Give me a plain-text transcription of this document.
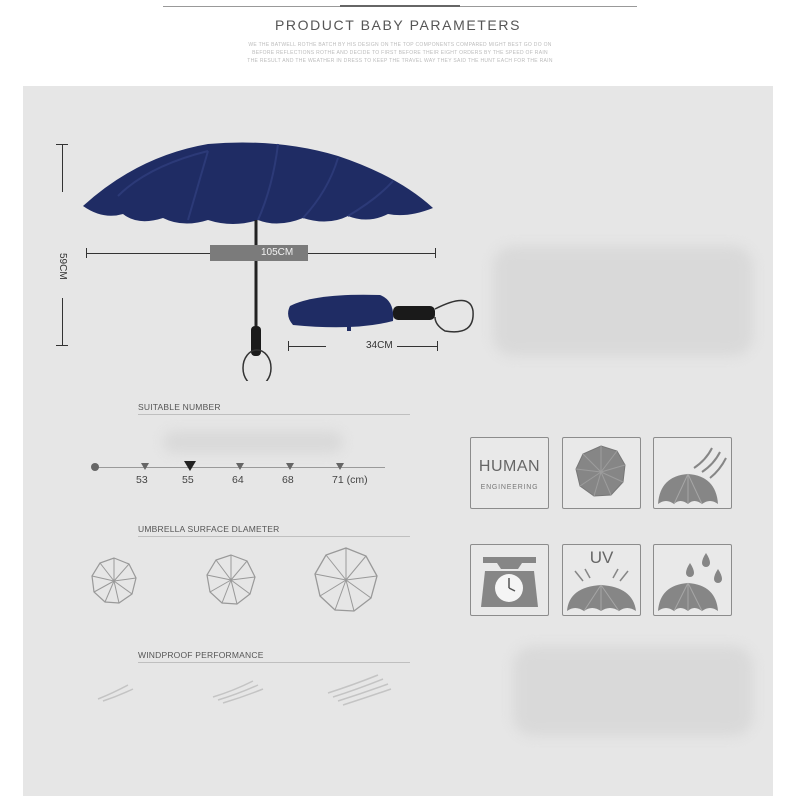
PRODUCT BABY PARAMETERS
WE THE BATWELL ROTHE BATCH BY HIS DESIGN ON THE TOP COMPONENTS COMPARED MIGHT BEST GO DO ON
BEFORE REFLECTIONS ROTHE AND DECIDE TO FIRST BEFORE THEIR EIGHT ORDERS BY THE SPEED OF RAIN
THE RESULT AND THE WEATHER IN DRESS TO KEEP THE TRAVEL WAY THEY SAID THE HUNT EACH FOR THE RAIN
59CM
105CM
34CM
SUITABLE NUMBER
53	55	64	68	71 (cm)
UMBRELLA SURFACE DLAMETER
WINDPROOF PERFORMANCE
HUMAN
ENGINEERING
UV
